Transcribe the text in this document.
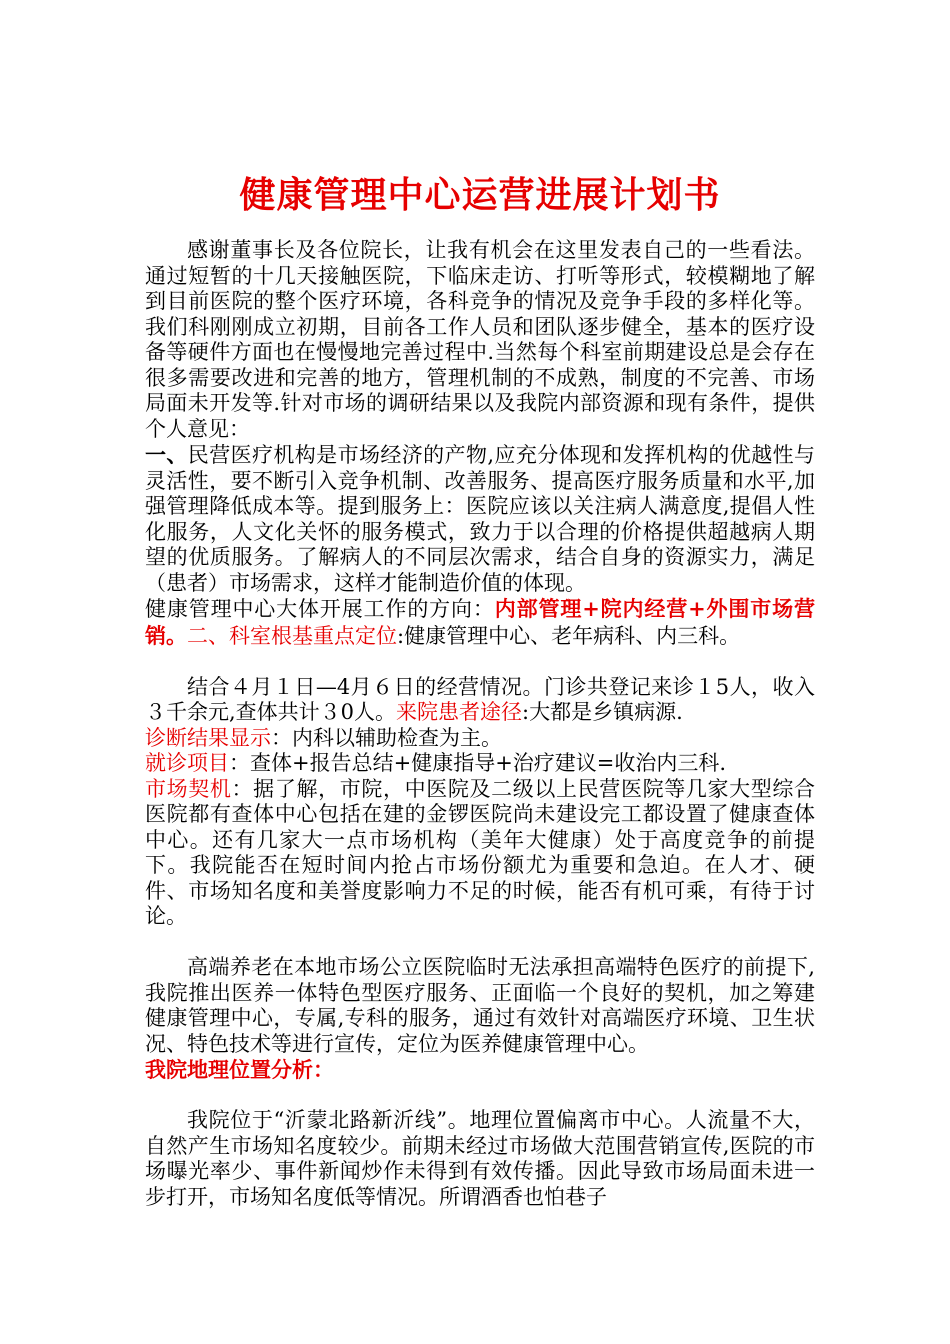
健康管理中心运营进展计划书

感谢董事长及各位院长，让我有机会在这里发表自己的一些看法。通过短暂的十几天接触医院，下临床走访、打听等形式，较模糊地了解到目前医院的整个医疗环境，各科竞争的情况及竞争手段的多样化等。 我们科刚刚成立初期，目前各工作人员和团队逐步健全，基本的医疗设备等硬件方面也在慢慢地完善过程中.当然每个科室前期建设总是会存在很多需要改进和完善的地方，管理机制的不成熟，制度的不完善、市场局面未开发等.针对市场的调研结果以及我院内部资源和现有条件，提供个人意见：

一、民营医疗机构是市场经济的产物,应充分体现和发挥机构的优越性与灵活性，要不断引入竞争机制、改善服务、提高医疗服务质量和水平,加强管理降低成本等。提到服务上：医院应该以关注病人满意度,提倡人性化服务，人文化关怀的服务模式，致力于以合理的价格提供超越病人期望的优质服务。了解病人的不同层次需求，结合自身的资源实力，满足（患者）市场需求，这样才能制造价值的体现。

健康管理中心大体开展工作的方向：内部管理+院内经营+外围市场营销。二、科室根基重点定位:健康管理中心、老年病科、内三科。

结合４月１日—4月６日的经营情况。门诊共登记来诊１5人，收入３千余元,查体共计３0人。来院患者途径:大都是乡镇病源.

诊断结果显示：内科以辅助检查为主。

就诊项目：查体+报告总结+健康指导+治疗建议=收治内三科.

市场契机：据了解，市院，中医院及二级以上民营医院等几家大型综合医院都有查体中心包括在建的金锣医院尚未建设完工都设置了健康查体中心。还有几家大一点市场机构（美年大健康）处于高度竞争的前提下。我院能否在短时间内抢占市场份额尤为重要和急迫。在人才、硬件、市场知名度和美誉度影响力不足的时候，能否有机可乘，有待于讨论。

高端养老在本地市场公立医院临时无法承担高端特色医疗的前提下,我院推出医养一体特色型医疗服务、正面临一个良好的契机，加之筹建健康管理中心，专属,专科的服务，通过有效针对高端医疗环境、卫生状况、特色技术等进行宣传，定位为医养健康管理中心。

我院地理位置分析：

我院位于“沂蒙北路新沂线”。地理位置偏离市中心。人流量不大，自然产生市场知名度较少。前期未经过市场做大范围营销宣传,医院的市场曝光率少、事件新闻炒作未得到有效传播。因此导致市场局面未进一步打开，市场知名度低等情况。所谓酒香也怕巷子
